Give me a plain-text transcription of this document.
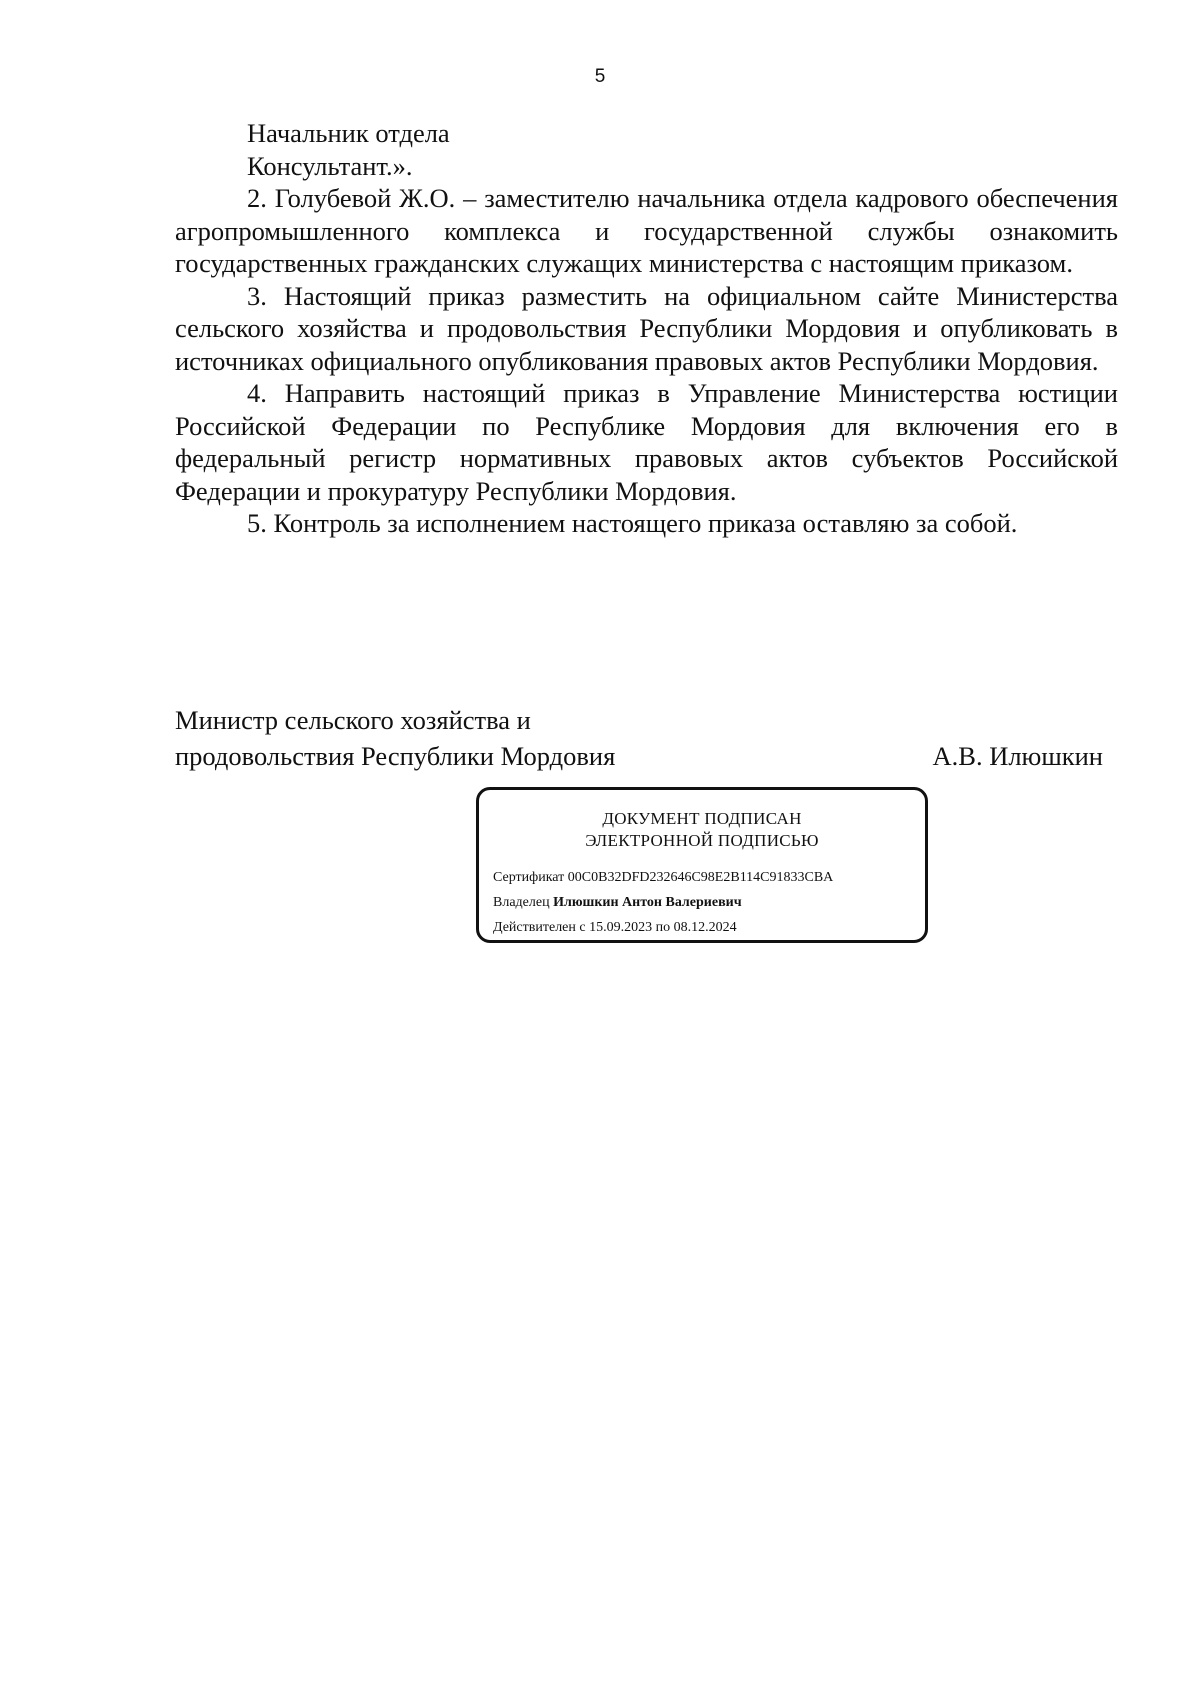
5
Начальник отдела
Консультант.».

2. Голубевой Ж.О. – заместителю начальника отдела кадрового обеспечения агропромышленного комплекса и государственной службы ознакомить государственных гражданских служащих министерства с настоящим приказом.

3. Настоящий приказ разместить на официальном сайте Министерства сельского хозяйства и продовольствия Республики Мордовия и опубликовать в источниках официального опубликования правовых актов Республики Мордовия.

4. Направить настоящий приказ в Управление Министерства юстиции Российской Федерации по Республике Мордовия для включения его в федеральный регистр нормативных правовых актов субъектов Российской Федерации и прокуратуру Республики Мордовия.

5. Контроль за исполнением настоящего приказа оставляю за собой.

Министр сельского хозяйства и
продовольствия Республики Мордовия	А.В. Илюшкин
ДОКУМЕНТ ПОДПИСАН
ЭЛЕКТРОННОЙ ПОДПИСЬЮ
Сертификат 00C0B32DFD232646C98E2B114C91833CBA
Владелец Илюшкин Антон Валериевич
Действителен с 15.09.2023 по 08.12.2024
